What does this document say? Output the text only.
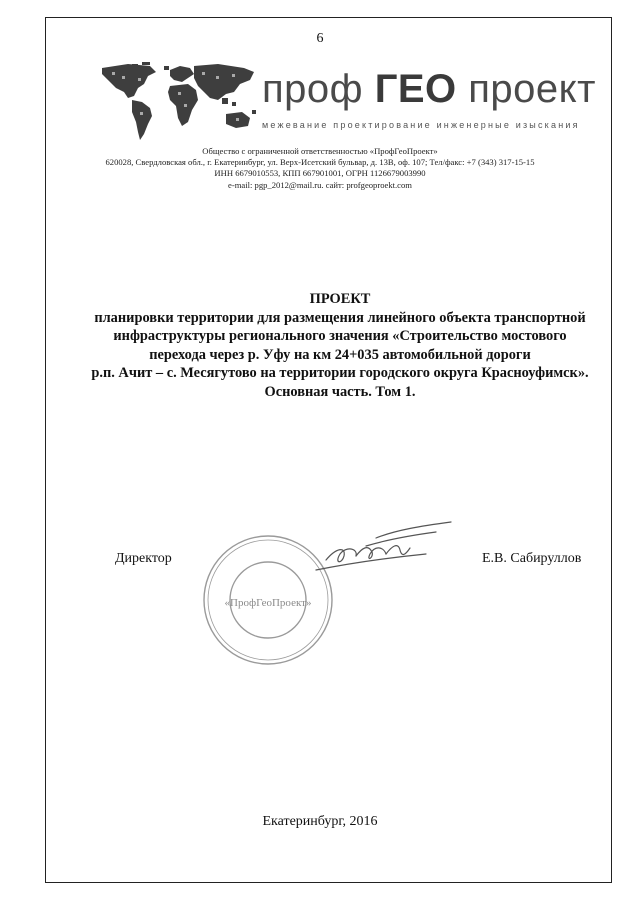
6
проф ГЕО проект
межевание проектирование инженерные изыскания
Общество с ограниченной ответственностью «ПрофГеоПроект»
620028, Свердловская обл., г. Екатеринбург, ул. Верх-Исетский бульвар, д. 13В, оф. 107; Тел/факс: +7 (343) 317-15-15
ИНН 6679010553, КПП 667901001, ОГРН 1126679003990
e-mail: pgp_2012@mail.ru. сайт: profgeoproekt.com
ПРОЕКТ
планировки территории для размещения линейного объекта транспортной
инфраструктуры регионального значения «Строительство мостового
перехода через р. Уфу на км 24+035 автомобильной дороги
р.п. Ачит – с. Месягутово на территории городского округа Красноуфимск».
Основная часть. Том 1.
«ПрофГеоПроект»
Директор	Е.В. Сабируллов
Екатеринбург, 2016
